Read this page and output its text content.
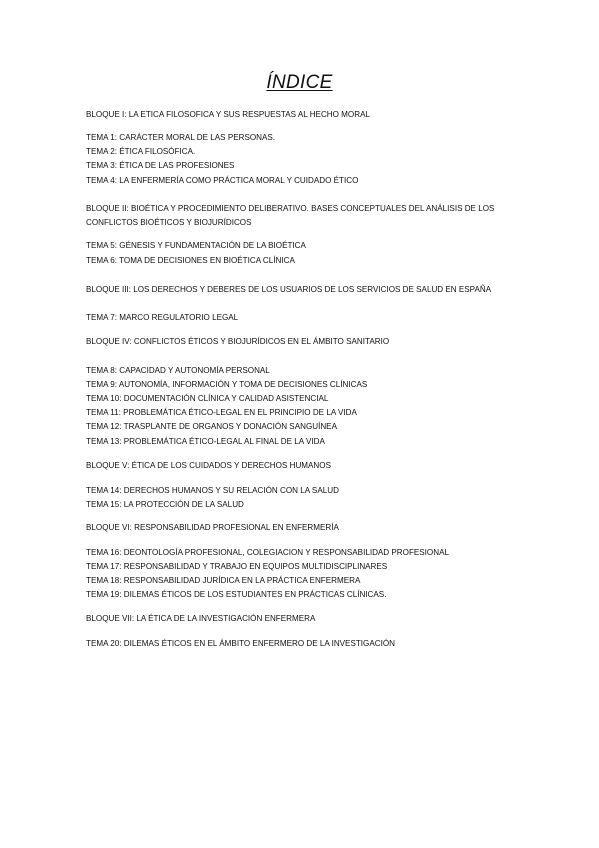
ÍNDICE
BLOQUE I: LA ETICA FILOSOFICA Y SUS RESPUESTAS AL HECHO MORAL
TEMA 1: CARÁCTER MORAL DE LAS PERSONAS.
TEMA 2: ÉTICA FILOSÓFICA.
TEMA 3: ÉTICA DE LAS PROFESIONES
TEMA 4: LA ENFERMERÍA COMO PRÁCTICA MORAL Y CUIDADO ÉTICO
BLOQUE II: BIOÉTICA Y PROCEDIMIENTO DELIBERATIVO. BASES CONCEPTUALES DEL ANÁLISIS DE LOS CONFLICTOS BIOÉTICOS Y BIOJURÍDICOS
TEMA 5: GÉNESIS Y FUNDAMENTACIÓN DE LA BIOÉTICA
TEMA 6: TOMA DE DECISIONES EN BIOÉTICA CLÍNICA
BLOQUE III: LOS DERECHOS Y DEBERES DE LOS USUARIOS DE LOS SERVICIOS DE SALUD EN ESPAÑA
TEMA 7: MARCO REGULATORIO LEGAL
BLOQUE IV: CONFLICTOS ÉTICOS Y BIOJURÍDICOS EN EL ÁMBITO SANITARIO
TEMA 8: CAPACIDAD Y AUTONOMÍA PERSONAL
TEMA 9: AUTONOMÍA, INFORMACIÓN Y TOMA DE DECISIONES CLÍNICAS
TEMA 10: DOCUMENTACIÓN CLÍNICA Y CALIDAD ASISTENCIAL
TEMA 11: PROBLEMÁTICA ÉTICO-LEGAL EN EL PRINCIPIO DE LA VIDA
TEMA 12: TRASPLANTE DE ORGANOS Y DONACIÓN SANGUÍNEA
TEMA 13: PROBLEMÁTICA ÉTICO-LEGAL AL FINAL DE LA VIDA
BLOQUE V: ÉTICA DE LOS CUIDADOS Y DERECHOS HUMANOS
TEMA 14: DERECHOS HUMANOS Y SU RELACIÓN CON LA SALUD
TEMA 15: LA PROTECCIÓN DE LA SALUD
BLOQUE VI: RESPONSABILIDAD PROFESIONAL EN ENFERMERÍA
TEMA 16: DEONTOLOGÍA PROFESIONAL, COLEGIACION Y RESPONSABILIDAD PROFESIONAL
TEMA 17: RESPONSABILIDAD Y TRABAJO EN EQUIPOS MULTIDISCIPLINARES
TEMA 18: RESPONSABILIDAD JURÍDICA EN LA PRÁCTICA ENFERMERA
TEMA 19: DILEMAS ÉTICOS DE LOS ESTUDIANTES EN PRÁCTICAS CLÍNICAS.
BLOQUE VII: LA ÉTICA DE LA INVESTIGACIÓN ENFERMERA
TEMA 20: DILEMAS ÉTICOS EN EL ÁMBITO ENFERMERO DE LA INVESTIGACIÓN
